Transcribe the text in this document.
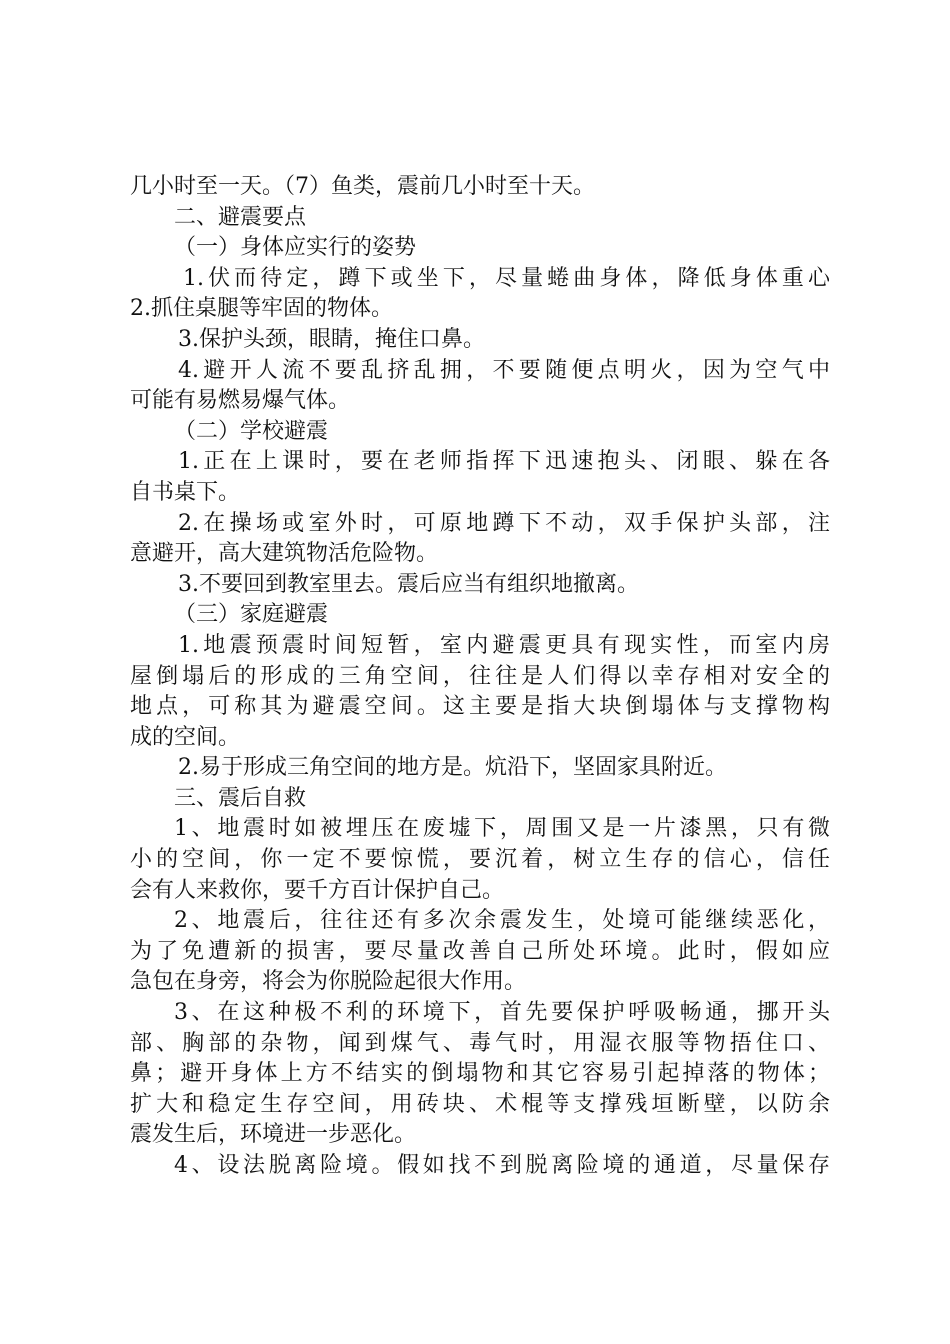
几小时至一天。（7）鱼类，震前几小时至十天。
二、避震要点
（一）身体应实行的姿势
1.伏而待定，蹲下或坐下，尽量蜷曲身体，降低身体重心
2.抓住桌腿等牢固的物体。
3.保护头颈，眼睛，掩住口鼻。
4.避开人流不要乱挤乱拥，不要随便点明火，因为空气中
可能有易燃易爆气体。
（二）学校避震
1.正在上课时，要在老师指挥下迅速抱头、闭眼、躲在各
自书桌下。
2.在操场或室外时，可原地蹲下不动，双手保护头部，注
意避开，高大建筑物活危险物。
3.不要回到教室里去。震后应当有组织地撤离。
（三）家庭避震
1.地震预震时间短暂，室内避震更具有现实性，而室内房
屋倒塌后的形成的三角空间，往往是人们得以幸存相对安全的
地点，可称其为避震空间。这主要是指大块倒塌体与支撑物构
成的空间。
2.易于形成三角空间的地方是。炕沿下，坚固家具附近。
三、震后自救
1、地震时如被埋压在废墟下，周围又是一片漆黑，只有微
小的空间，你一定不要惊慌，要沉着，树立生存的信心，信任
会有人来救你，要千方百计保护自己。
2、地震后，往往还有多次余震发生，处境可能继续恶化，
为了免遭新的损害，要尽量改善自己所处环境。此时，假如应
急包在身旁，将会为你脱险起很大作用。
3、在这种极不利的环境下，首先要保护呼吸畅通，挪开头
部、胸部的杂物，闻到煤气、毒气时，用湿衣服等物捂住口、
鼻；避开身体上方不结实的倒塌物和其它容易引起掉落的物体；
扩大和稳定生存空间，用砖块、术棍等支撑残垣断壁，以防余
震发生后，环境进一步恶化。
4、设法脱离险境。假如找不到脱离险境的通道，尽量保存
